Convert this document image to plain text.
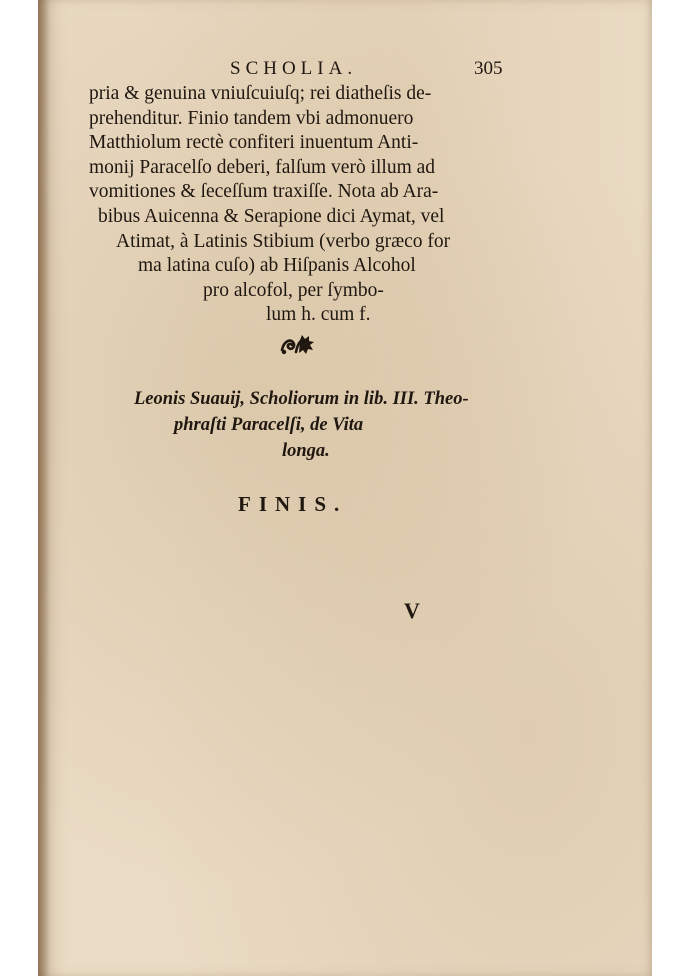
SCHOLIA.	305
pria & genuina vniuſcuiuſq; rei diatheſis de-
prehenditur. Finio tandem vbi admonuero
Matthiolum rectè confiteri inuentum Anti-
monij Paracelſo deberi, falſum verò illum ad
vomitiones & ſeceſſum traxiſſe. Nota ab Ara-
bibus Auicenna & Serapione dici Aymat, vel
Atimat, à Latinis Stibium (verbo græco for
ma latina cuſo) ab Hiſpanis Alcohol
pro alcofol, per ſymbo-
lum h. cum f.
Leonis Suauij, Scholiorum in lib. III. Theo-
phraſti Paracelſi, de Vita
longa.
FINIS.
V
